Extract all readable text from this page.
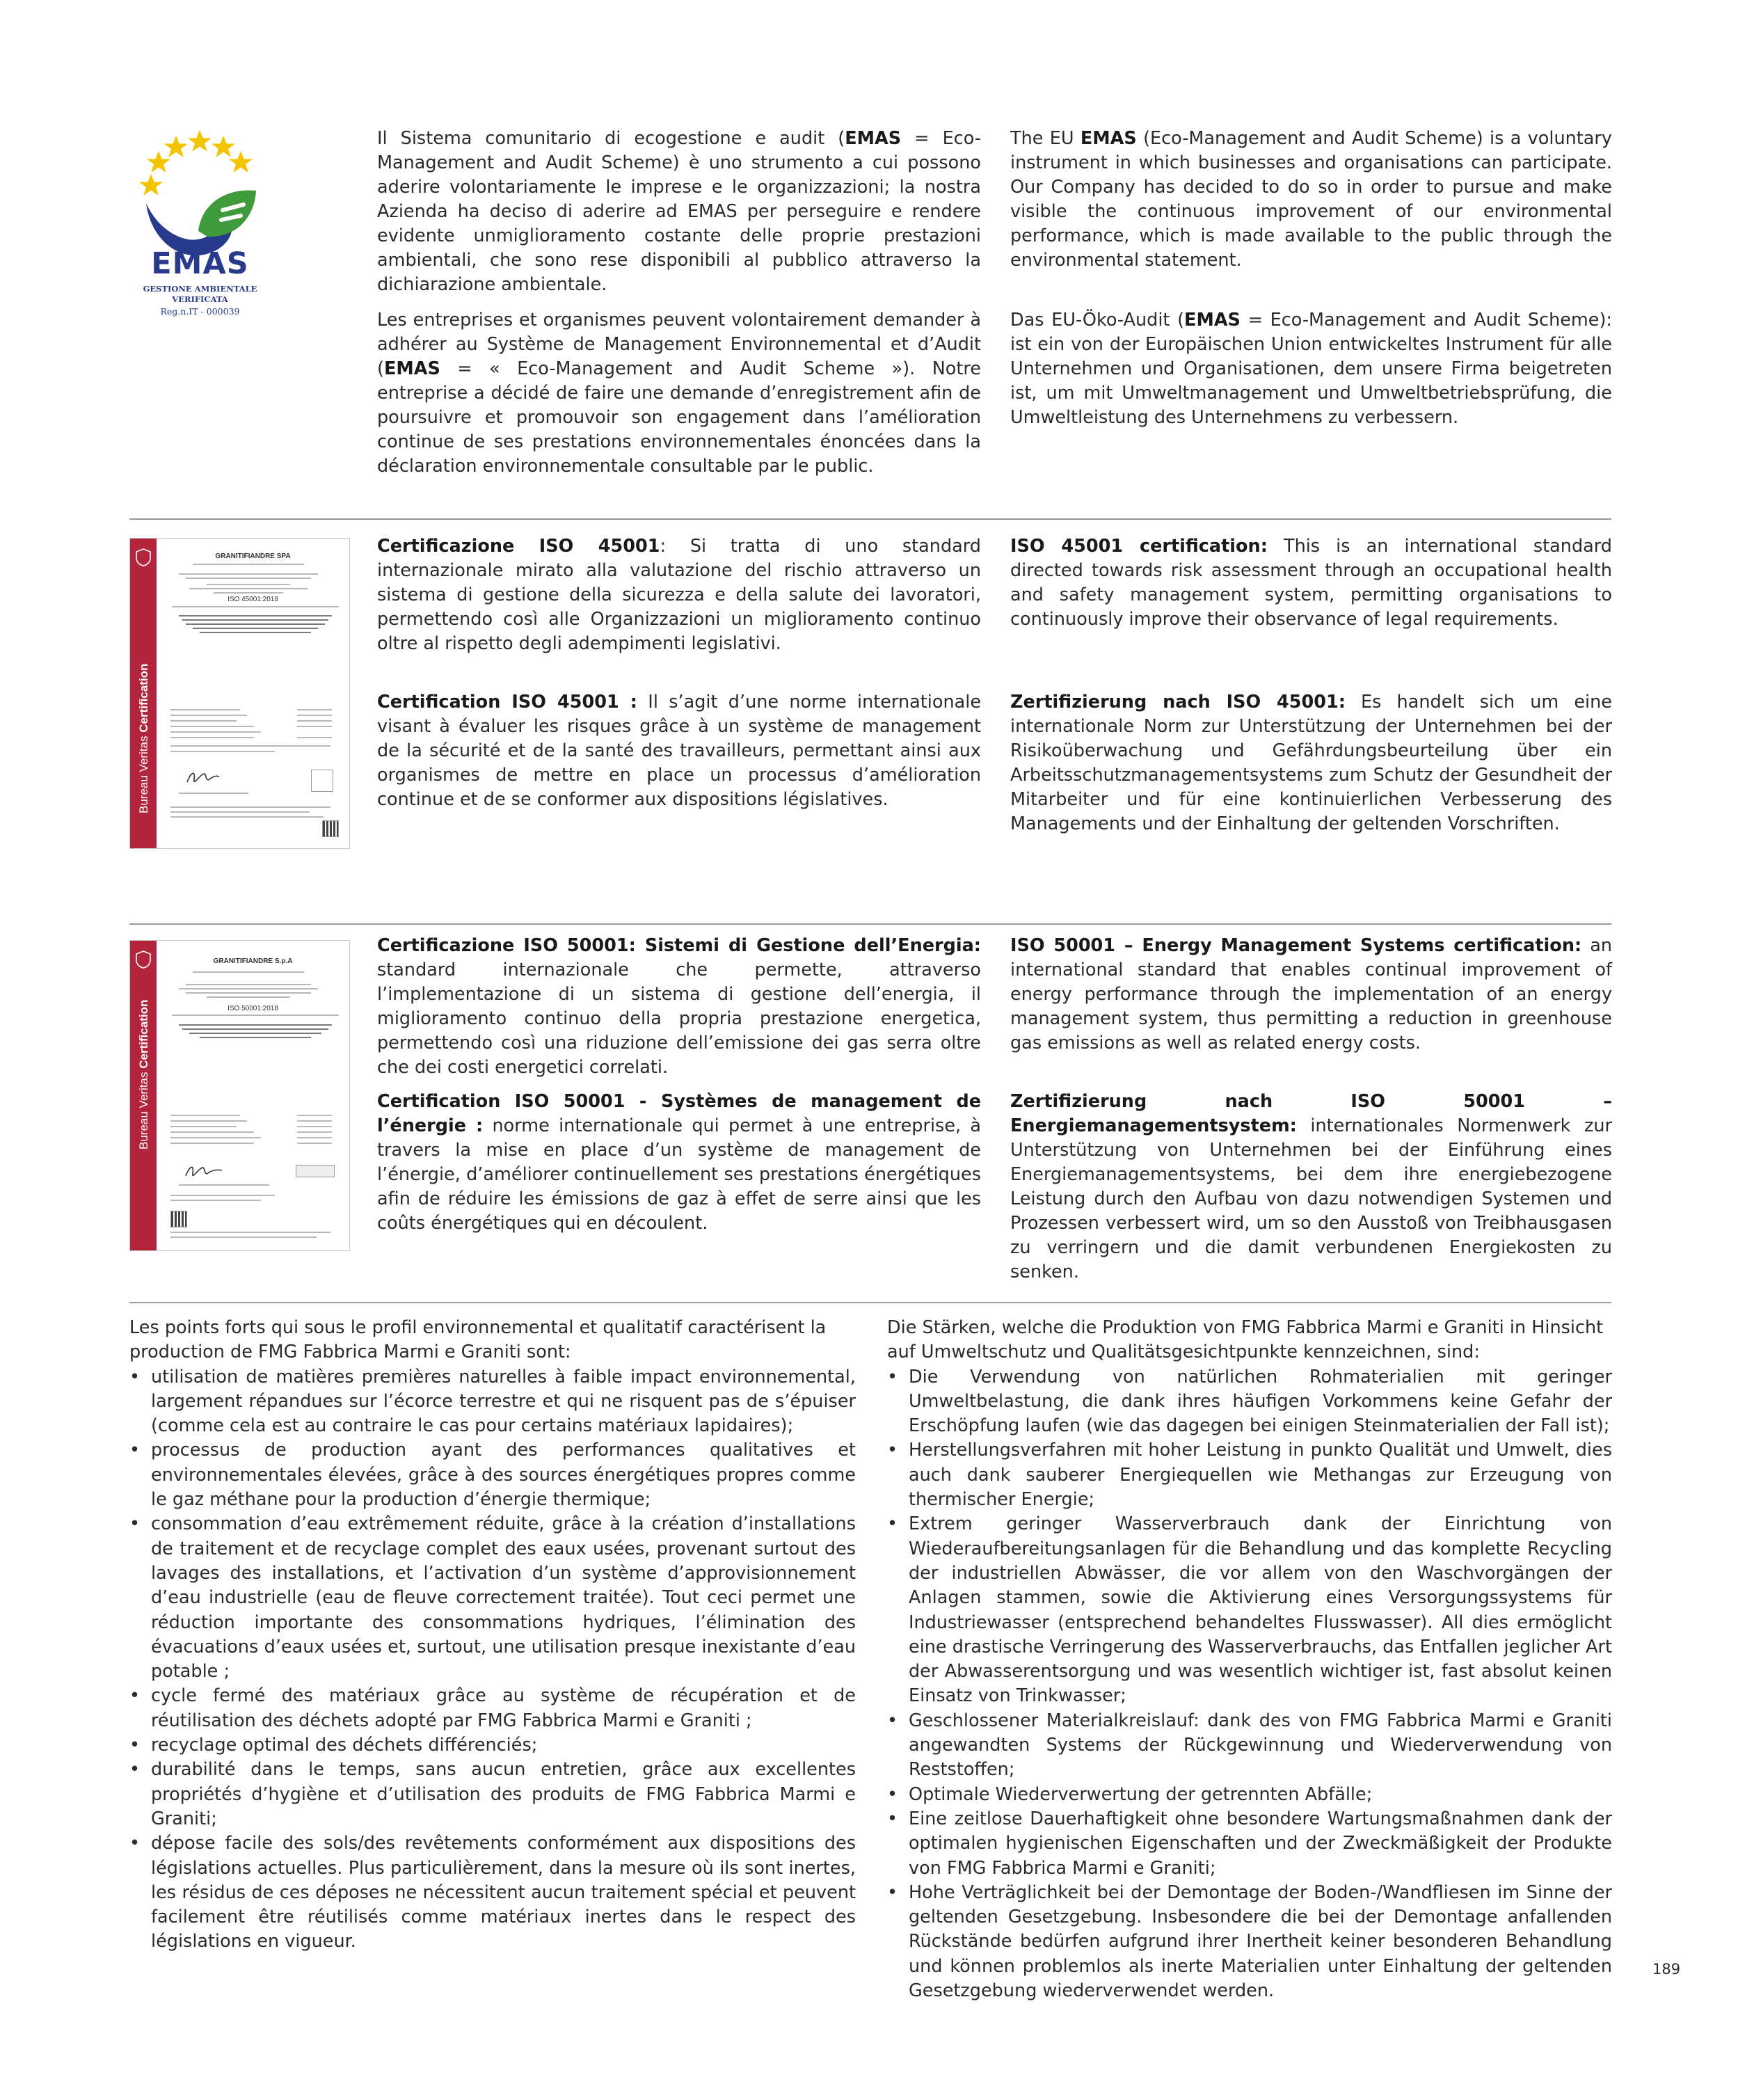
EMAS
GESTIONE AMBIENTALE
VERIFICATA
Reg.n.IT - 000039

Il Sistema comunitario di ecogestione e audit (EMAS = Eco-Management and Audit Scheme) è uno strumento a cui possono aderire volontariamente le imprese e le organizzazioni; la nostra Azienda ha deciso di aderire ad EMAS per perseguire e rendere evidente unmiglioramento costante delle proprie prestazioni ambientali, che sono rese disponibili al pubblico attraverso la dichiarazione ambientale.

Les entreprises et organismes peuvent volontairement demander à adhérer au Système de Management Environnemental et d’Audit (EMAS = « Eco-Management and Audit Scheme »). Notre entreprise a décidé de faire une demande d’enregistrement afin de poursuivre et promouvoir son engagement dans l’amélioration continue de ses prestations environnementales énoncées dans la déclaration environnementale consultable par le public.

The EU EMAS (Eco-Management and Audit Scheme) is a voluntary instrument in which businesses and organisations can participate. Our Company has decided to do so in order to pursue and make visible the continuous improvement of our environmental performance, which is made available to the public through the environmental statement.

Das EU-Öko-Audit (EMAS = Eco-Management and Audit Scheme): ist ein von der Europäischen Union entwickeltes Instrument für alle Unternehmen und Organisationen, dem unsere Firma beigetreten ist, um mit Umweltmanagement und Umweltbetriebsprüfung, die Umweltleistung des Unternehmens zu verbessern.

Bureau Veritas Certification
GRANITIFIANDRE SPA
ISO 45001:2018

Certificazione ISO 45001: Si tratta di uno standard internazionale mirato alla valutazione del rischio attraverso un sistema di gestione della sicurezza e della salute dei lavoratori, permettendo così alle Organizzazioni un miglioramento continuo oltre al rispetto degli adempimenti legislativi.

Certification ISO 45001 : Il s’agit d’une norme internationale visant à évaluer les risques grâce à un système de management de la sécurité et de la santé des travailleurs, permettant ainsi aux organismes de mettre en place un processus d’amélioration continue et de se conformer aux dispositions législatives.

ISO 45001 certification: This is an international standard directed towards risk assessment through an occupational health and safety management system, permitting organisations to continuously improve their observance of legal requirements.

Zertifizierung nach ISO 45001: Es handelt sich um eine internationale Norm zur Unterstützung der Unternehmen bei der Risikoüberwachung und Gefährdungsbeurteilung über ein Arbeitsschutzmanagementsystems zum Schutz der Gesundheit der Mitarbeiter und für eine kontinuierlichen Verbesserung des Managements und der Einhaltung der geltenden Vorschriften.

Bureau Veritas Certification
GRANITIFIANDRE S.p.A
ISO 50001:2018

Certificazione ISO 50001: Sistemi di Gestione dell’Energia: standard internazionale che permette, attraverso l’implementazione di un sistema di gestione dell’energia, il miglioramento continuo della propria prestazione energetica, permettendo così una riduzione dell’emissione dei gas serra oltre che dei costi energetici correlati.

Certification ISO 50001 - Systèmes de management de l’énergie : norme internationale qui permet à une entreprise, à travers la mise en place d’un système de management de l’énergie, d’améliorer continuellement ses prestations énergétiques afin de réduire les émissions de gaz à effet de serre ainsi que les coûts énergétiques qui en découlent.

ISO 50001 – Energy Management Systems certification: an international standard that enables continual improvement of energy performance through the implementation of an energy management system, thus permitting a reduction in greenhouse gas emissions as well as related energy costs.

Zertifizierung nach ISO 50001 – Energiemanagementsystem: internationales Normenwerk zur Unterstützung von Unternehmen bei der Einführung eines Energiemanagementsystems, bei dem ihre energiebezogene Leistung durch den Aufbau von dazu notwendigen Systemen und Prozessen verbessert wird, um so den Ausstoß von Treibhausgasen zu verringern und die damit verbundenen Energiekosten zu senken.

Les points forts qui sous le profil environnemental et qualitatif caractérisent la production de FMG Fabbrica Marmi e Graniti sont:

• utilisation de matières premières naturelles à faible impact environnemental, largement répandues sur l’écorce terrestre et qui ne risquent pas de s’épuiser (comme cela est au contraire le cas pour certains matériaux lapidaires);
• processus de production ayant des performances qualitatives et environnementales élevées, grâce à des sources énergétiques propres comme le gaz méthane pour la production d’énergie thermique;
• consommation d’eau extrêmement réduite, grâce à la création d’installations de traitement et de recyclage complet des eaux usées, provenant surtout des lavages des installations, et l’activation d’un système d’approvisionnement d’eau industrielle (eau de fleuve correctement traitée). Tout ceci permet une réduction importante des consommations hydriques, l’élimination des évacuations d’eaux usées et, surtout, une utilisation presque inexistante d’eau potable ;
• cycle fermé des matériaux grâce au système de récupération et de réutilisation des déchets adopté par FMG Fabbrica Marmi e Graniti ;
• recyclage optimal des déchets différenciés;
• durabilité dans le temps, sans aucun entretien, grâce aux excellentes propriétés d’hygiène et d’utilisation des produits de FMG Fabbrica Marmi e Graniti;
• dépose facile des sols/des revêtements conformément aux dispositions des législations actuelles. Plus particulièrement, dans la mesure où ils sont inertes, les résidus de ces déposes ne nécessitent aucun traitement spécial et peuvent facilement être réutilisés comme matériaux inertes dans le respect des législations en vigueur.

Die Stärken, welche die Produktion von FMG Fabbrica Marmi e Graniti in Hinsicht auf Umweltschutz und Qualitätsgesichtpunkte kennzeichnen, sind:

• Die Verwendung von natürlichen Rohmaterialien mit geringer Umweltbelastung, die dank ihres häufigen Vorkommens keine Gefahr der Erschöpfung laufen (wie das dagegen bei einigen Steinmaterialien der Fall ist);
• Herstellungsverfahren mit hoher Leistung in punkto Qualität und Umwelt, dies auch dank sauberer Energiequellen wie Methangas zur Erzeugung von thermischer Energie;
• Extrem geringer Wasserverbrauch dank der Einrichtung von Wiederaufbereitungsanlagen für die Behandlung und das komplette Recycling der industriellen Abwässer, die vor allem von den Waschvorgängen der Anlagen stammen, sowie die Aktivierung eines Versorgungssystems für Industriewasser (entsprechend behandeltes Flusswasser). All dies ermöglicht eine drastische Verringerung des Wasserverbrauchs, das Entfallen jeglicher Art der Abwasserentsorgung und was wesentlich wichtiger ist, fast absolut keinen Einsatz von Trinkwasser;
• Geschlossener Materialkreislauf: dank des von FMG Fabbrica Marmi e Graniti angewandten Systems der Rückgewinnung und Wiederverwendung von Reststoffen;
• Optimale Wiederverwertung der getrennten Abfälle;
• Eine zeitlose Dauerhaftigkeit ohne besondere Wartungsmaßnahmen dank der optimalen hygienischen Eigenschaften und der Zweckmäßigkeit der Produkte von FMG Fabbrica Marmi e Graniti;
• Hohe Verträglichkeit bei der Demontage der Boden-/Wandfliesen im Sinne der geltenden Gesetzgebung. Insbesondere die bei der Demontage anfallenden Rückstände bedürfen aufgrund ihrer Inertheit keiner besonderen Behandlung und können problemlos als inerte Materialien unter Einhaltung der geltenden Gesetzgebung wiederverwendet werden.
189
